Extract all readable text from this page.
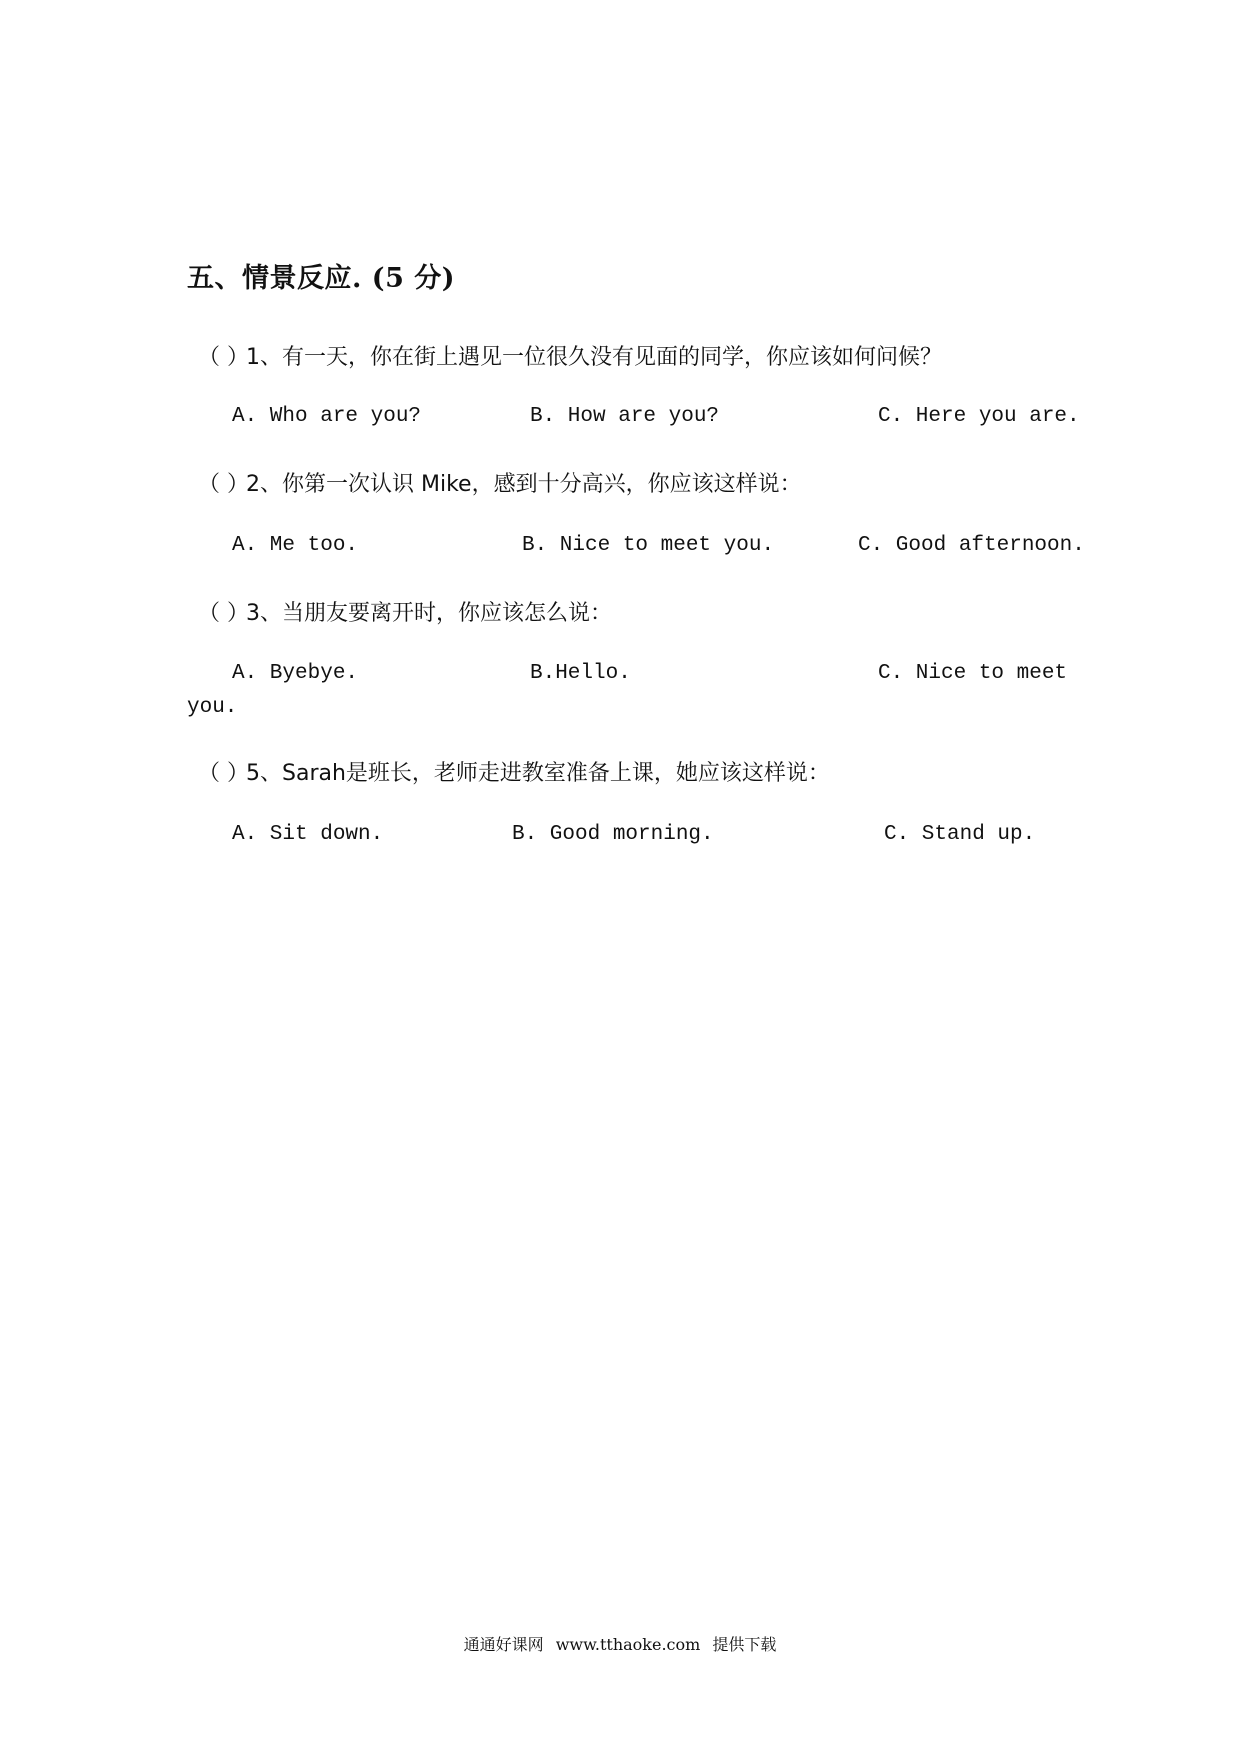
五、情景反应. (5 分)
（ ）1、有一天，你在街上遇见一位很久没有见面的同学，你应该如何问候？
A. Who are you?	B. How are you?	C. Here you are.
（ ）2、你第一次认识 Mike，感到十分高兴，你应该这样说：
A. Me too.	B. Nice to meet you.	C. Good afternoon.
（ ）3、当朋友要离开时，你应该怎么说：
A. Byebye.	B.Hello.	C. Nice to meet
you.
（ ）5、Sarah是班长，老师走进教室准备上课，她应该这样说：
A. Sit down.	B. Good morning.	C. Stand up.
通通好课网 www.tthaoke.com 提供下载
